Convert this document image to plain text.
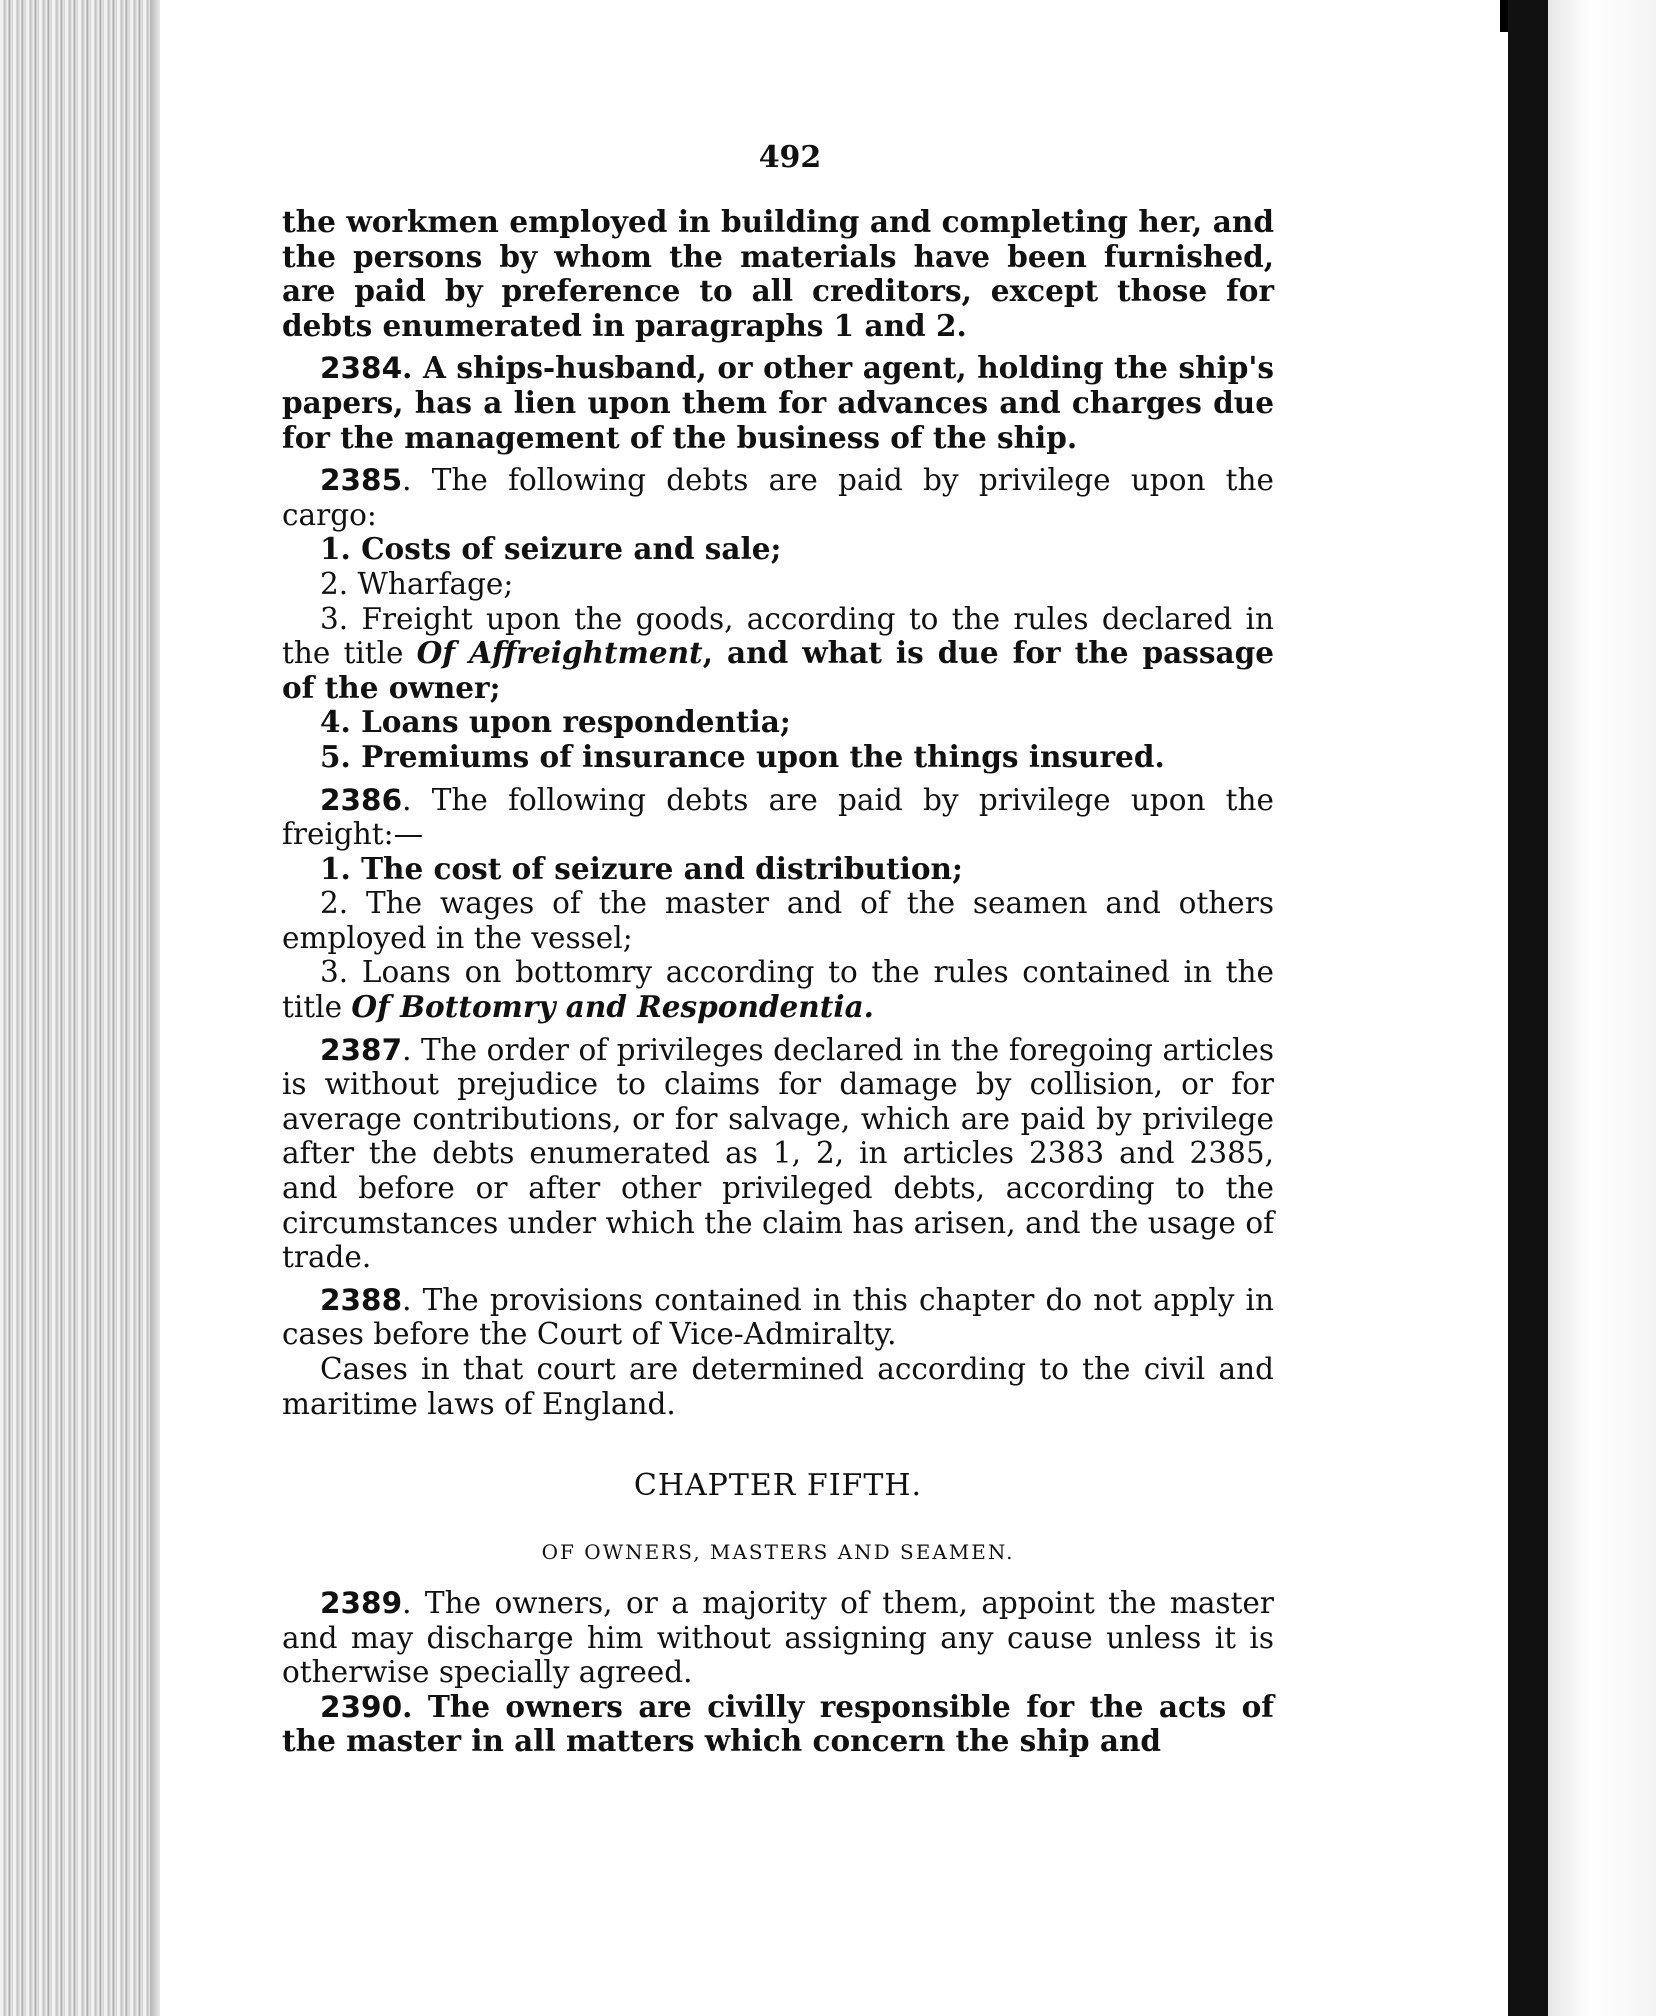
492

the workmen employed in building and completing her, and the persons by whom the materials have been furnished, are paid by preference to all creditors, except those for debts enumerated in paragraphs 1 and 2.

2384. A ships-husband, or other agent, holding the ship's papers, has a lien upon them for advances and charges due for the management of the business of the ship.

2385. The following debts are paid by privilege upon the cargo:

1. Costs of seizure and sale;

2. Wharfage;

3. Freight upon the goods, according to the rules declared in the title Of Affreightment, and what is due for the passage of the owner;

4. Loans upon respondentia;

5. Premiums of insurance upon the things insured.

2386. The following debts are paid by privilege upon the freight:—

1. The cost of seizure and distribution;

2. The wages of the master and of the seamen and others employed in the vessel;

3. Loans on bottomry according to the rules contained in the title Of Bottomry and Respondentia.

2387. The order of privileges declared in the foregoing articles is without prejudice to claims for damage by collision, or for average contributions, or for salvage, which are paid by privilege after the debts enumerated as 1, 2, in articles 2383 and 2385, and before or after other privileged debts, according to the circumstances under which the claim has arisen, and the usage of trade.

2388. The provisions contained in this chapter do not apply in cases before the Court of Vice-Admiralty.

Cases in that court are determined according to the civil and maritime laws of England.

CHAPTER FIFTH.
OF OWNERS, MASTERS AND SEAMEN.

2389. The owners, or a majority of them, appoint the master and may discharge him without assigning any cause unless it is otherwise specially agreed.

2390. The owners are civilly responsible for the acts of the master in all matters which concern the ship and
